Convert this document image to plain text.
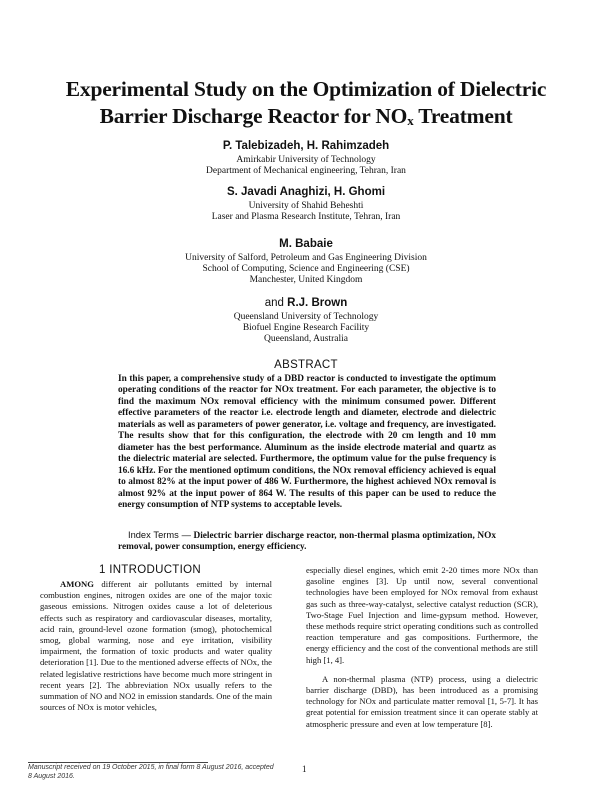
Experimental Study on the Optimization of Dielectric
Barrier Discharge Reactor for NOx Treatment
P. Talebizadeh, H. Rahimzadeh
Amirkabir University of Technology
Department of Mechanical engineering, Tehran, Iran
S. Javadi Anaghizi, H. Ghomi
University of Shahid Beheshti
Laser and Plasma Research Institute, Tehran, Iran
M. Babaie
University of Salford, Petroleum and Gas Engineering Division
School of Computing, Science and Engineering (CSE)
Manchester, United Kingdom
and R.J. Brown
Queensland University of Technology
Biofuel Engine Research Facility
Queensland, Australia
ABSTRACT
In this paper, a comprehensive study of a DBD reactor is conducted to investigate the optimum operating conditions of the reactor for NOx treatment. For each parameter, the objective is to find the maximum NOx removal efficiency with the minimum consumed power. Different effective parameters of the reactor i.e. electrode length and diameter, electrode and dielectric materials as well as parameters of power generator, i.e. voltage and frequency, are investigated. The results show that for this configuration, the electrode with 20 cm length and 10 mm diameter has the best performance. Aluminum as the inside electrode material and quartz as the dielectric material are selected. Furthermore, the optimum value for the pulse frequency is 16.6 kHz. For the mentioned optimum conditions, the NOx removal efficiency achieved is equal to almost 82% at the input power of 486 W. Furthermore, the highest achieved NOx removal is almost 92% at the input power of 864 W. The results of this paper can be used to reduce the energy consumption of NTP systems to acceptable levels.
Index Terms — Dielectric barrier discharge reactor, non-thermal plasma optimization, NOx removal, power consumption, energy efficiency.
1 INTRODUCTION
AMONG different air pollutants emitted by internal combustion engines, nitrogen oxides are one of the major toxic gaseous emissions. Nitrogen oxides cause a lot of deleterious effects such as respiratory and cardiovascular diseases, mortality, acid rain, ground-level ozone formation (smog), photochemical smog, global warming, nose and eye irritation, visibility impairment, the formation of toxic products and water quality deterioration [1]. Due to the mentioned adverse effects of NOx, the related legislative restrictions have become much more stringent in recent years [2]. The abbreviation NOx usually refers to the summation of NO and NO2 in emission standards. One of the main sources of NOx is motor vehicles,

especially diesel engines, which emit 2-20 times more NOx than gasoline engines [3]. Up until now, several conventional technologies have been employed for NOx removal from exhaust gas such as three-way-catalyst, selective catalyst reduction (SCR), Two-Stage Fuel Injection and lime-gypsum method. However, these methods require strict operating conditions such as controlled reaction temperature and gas compositions. Furthermore, the energy efficiency and the cost of the conventional methods are still high [1, 4].

A non-thermal plasma (NTP) process, using a dielectric barrier discharge (DBD), has been introduced as a promising technology for NOx and particulate matter removal [1, 5-7]. It has great potential for emission treatment since it can operate stably at atmospheric pressure and even at low temperature [8].

Manuscript received on 19 October 2015, in final form 8 August 2016, accepted 8 August 2016.
1
